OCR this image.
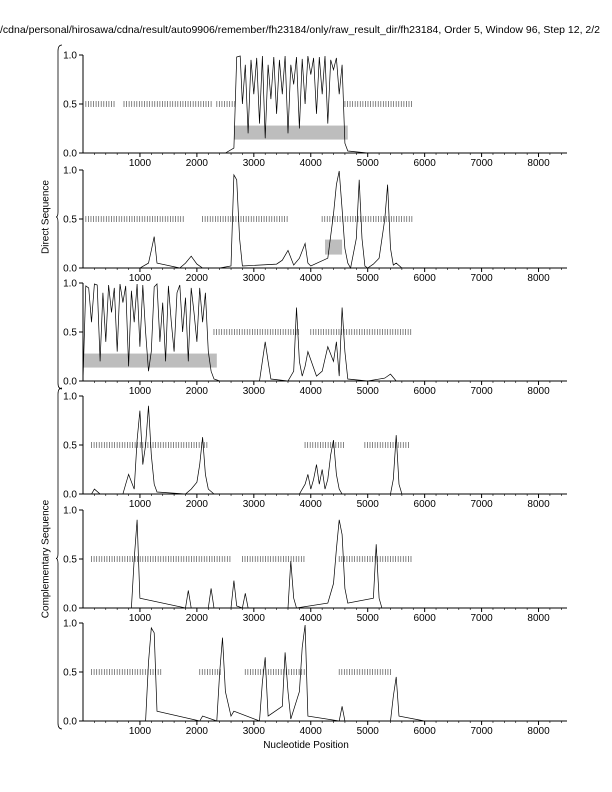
/cdna/personal/hirosawa/cdna/result/auto9906/remember/fh23184/only/raw_result_dir/fh23184, Order 5, Window 96, Step 12, 2/2
0.0
0.5
1.0
1000	2000	3000	4000	5000	6000	7000	8000
0.0
0.5
1.0
1000	2000	3000	4000	5000	6000	7000	8000
0.0
0.5
1.0
1000	2000	3000	4000	5000	6000	7000	8000
0.0
0.5
1.0
1000	2000	3000	4000	5000	6000	7000	8000
0.0
0.5
1.0
1000	2000	3000	4000	5000	6000	7000	8000
0.0
0.5
1.0
1000	2000	3000	4000	5000	6000	7000	8000
Direct Sequence
Complementary Sequence
Nucleotide Position
